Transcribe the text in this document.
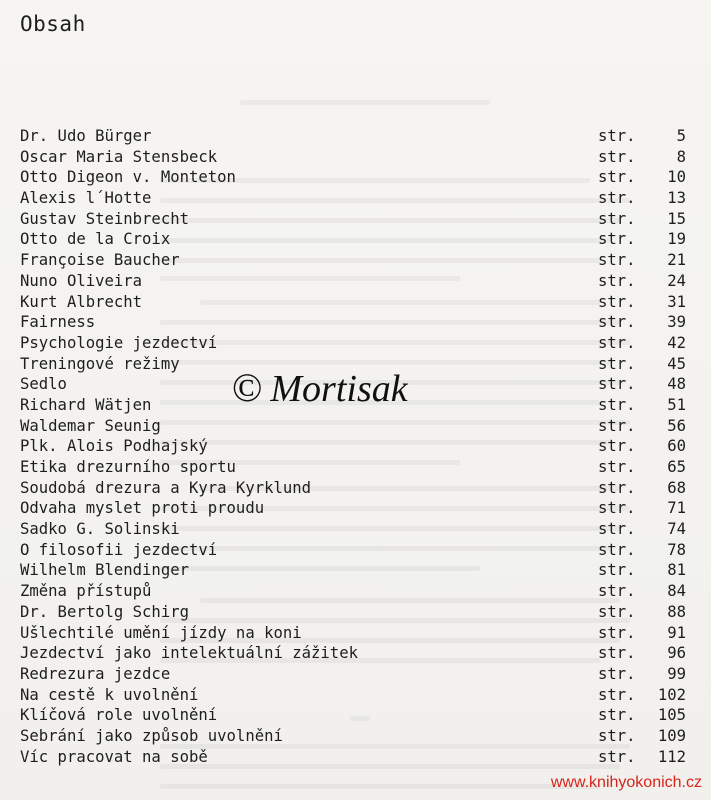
Obsah
Dr. Udo Bürger	str.	5
Oscar Maria Stensbeck	str.	8
Otto Digeon v. Monteton	str. 10
Alexis l´Hotte	str. 13
Gustav Steinbrecht	str. 15
Otto de la Croix	str. 19
Françoise Baucher	str. 21
Nuno Oliveira	str. 24
Kurt Albrecht	str. 31
Fairness	str. 39
Psychologie jezdectví	str. 42
Treningové režimy	str. 45
Sedlo	str. 48
Richard Wätjen	str. 51
Waldemar Seunig	str. 56
Plk. Alois Podhajský	str. 60
Etika drezurního sportu	str. 65
Soudobá drezura a Kyra Kyrklund	str. 68
Odvaha myslet proti proudu	str. 71
Sadko G. Solinski	str. 74
O filosofii jezdectví	str. 78
Wilhelm Blendinger	str. 81
Změna přístupů	str. 84
Dr. Bertolg Schirg	str. 88
Ušlechtilé umění jízdy na koni	str. 91
Jezdectví jako intelektuální zážitek	str. 96
Redrezura jezdce	str. 99
Na cestě k uvolnění	str. 102
Klíčová role uvolnění	str. 105
Sebrání jako způsob uvolnění	str. 109
Víc pracovat na sobě	str. 112
© Mortisak
www.knihyokonich.cz
